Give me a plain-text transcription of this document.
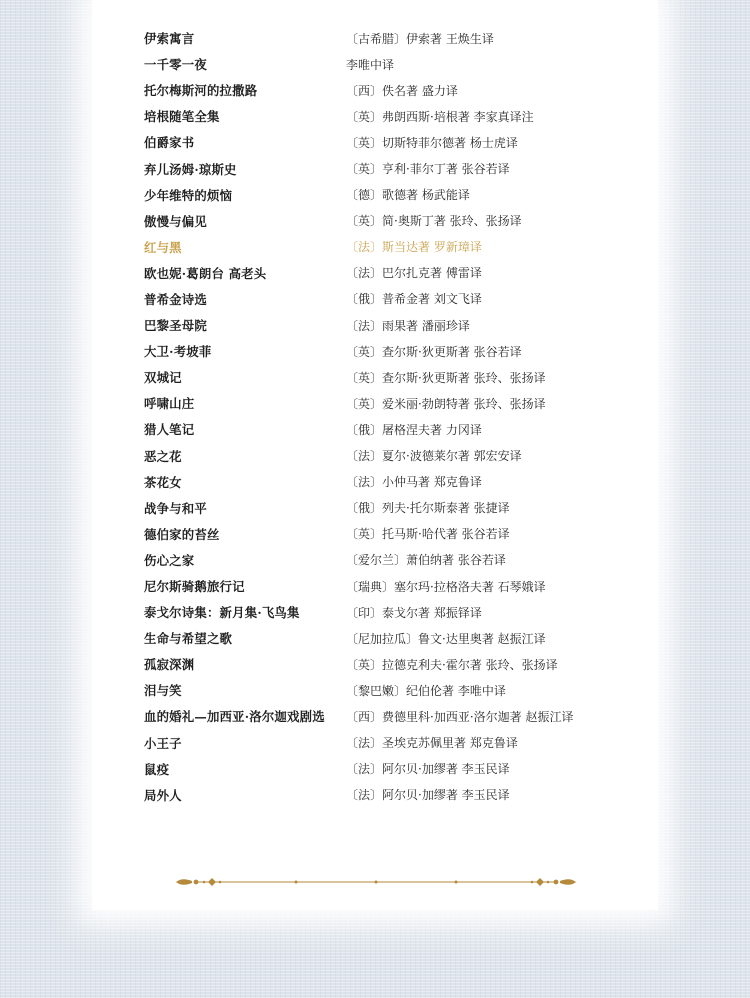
伊索寓言	〔古希腊〕伊索著 王焕生译
一千零一夜	李唯中译
托尔梅斯河的拉撒路	〔西〕佚名著 盛力译
培根随笔全集	〔英〕弗朗西斯·培根著 李家真译注
伯爵家书	〔英〕切斯特菲尔德著 杨士虎译
弃儿汤姆·琼斯史	〔英〕亨利·菲尔丁著 张谷若译
少年维特的烦恼	〔德〕歌德著 杨武能译
傲慢与偏见	〔英〕简·奥斯丁著 张玲、张扬译
红与黑	〔法〕斯当达著 罗新璋译
欧也妮·葛朗台 高老头	〔法〕巴尔扎克著 傅雷译
普希金诗选	〔俄〕普希金著 刘文飞译
巴黎圣母院	〔法〕雨果著 潘丽珍译
大卫·考坡菲	〔英〕查尔斯·狄更斯著 张谷若译
双城记	〔英〕查尔斯·狄更斯著 张玲、张扬译
呼啸山庄	〔英〕爱米丽·勃朗特著 张玲、张扬译
猎人笔记	〔俄〕屠格涅夫著 力冈译
恶之花	〔法〕夏尔·波德莱尔著 郭宏安译
茶花女	〔法〕小仲马著 郑克鲁译
战争与和平	〔俄〕列夫·托尔斯泰著 张捷译
德伯家的苔丝	〔英〕托马斯·哈代著 张谷若译
伤心之家	〔爱尔兰〕萧伯纳著 张谷若译
尼尔斯骑鹅旅行记	〔瑞典〕塞尔玛·拉格洛夫著 石琴娥译
泰戈尔诗集：新月集·飞鸟集	〔印〕泰戈尔著 郑振铎译
生命与希望之歌	〔尼加拉瓜〕鲁文·达里奥著 赵振江译
孤寂深渊	〔英〕拉德克利夫·霍尔著 张玲、张扬译
泪与笑	〔黎巴嫩〕纪伯伦著 李唯中译
血的婚礼—加西亚·洛尔迦戏剧选	〔西〕费德里科·加西亚·洛尔迦著 赵振江译
小王子	〔法〕圣埃克苏佩里著 郑克鲁译
鼠疫	〔法〕阿尔贝·加缪著 李玉民译
局外人	〔法〕阿尔贝·加缪著 李玉民译
